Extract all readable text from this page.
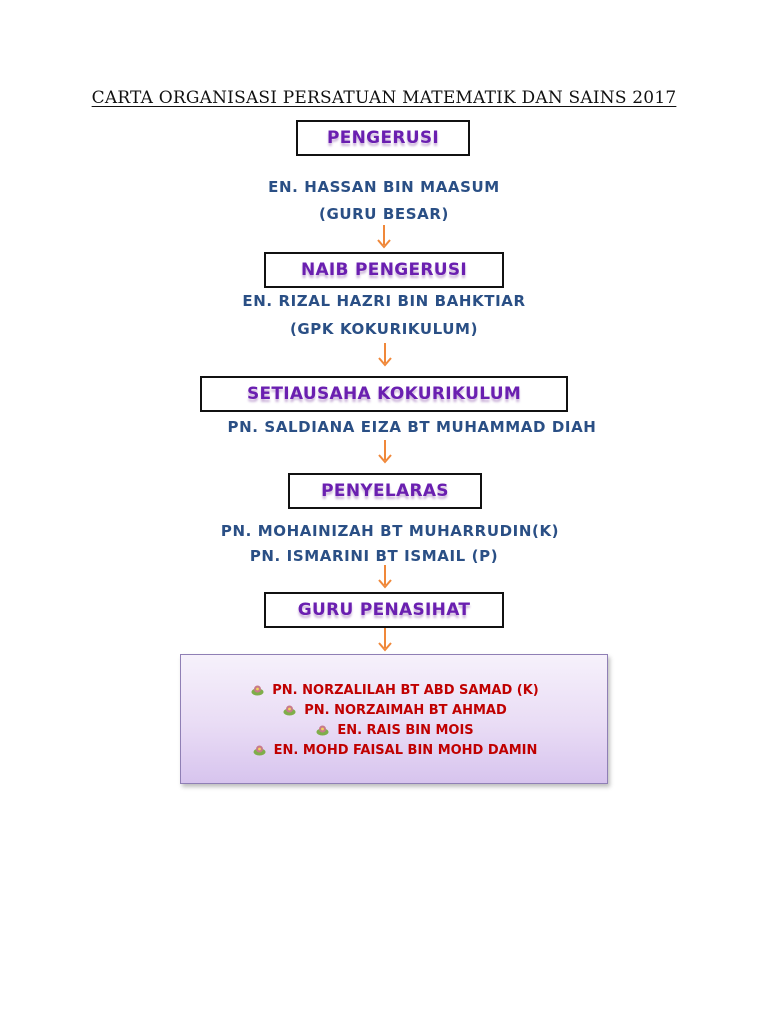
CARTA ORGANISASI PERSATUAN MATEMATIK DAN SAINS 2017
PENGERUSI
EN. HASSAN BIN MAASUM
(GURU BESAR)
NAIB PENGERUSI
EN. RIZAL HAZRI BIN BAHKTIAR
(GPK KOKURIKULUM)
SETIAUSAHA KOKURIKULUM
PN. SALDIANA EIZA BT MUHAMMAD DIAH
PENYELARAS
PN. MOHAINIZAH BT MUHARRUDIN(K)
PN. ISMARINI BT ISMAIL (P)
GURU PENASIHAT
PN. NORZALILAH BT ABD SAMAD (K)
PN. NORZAIMAH BT AHMAD
EN. RAIS BIN MOIS
EN. MOHD FAISAL BIN MOHD DAMIN
